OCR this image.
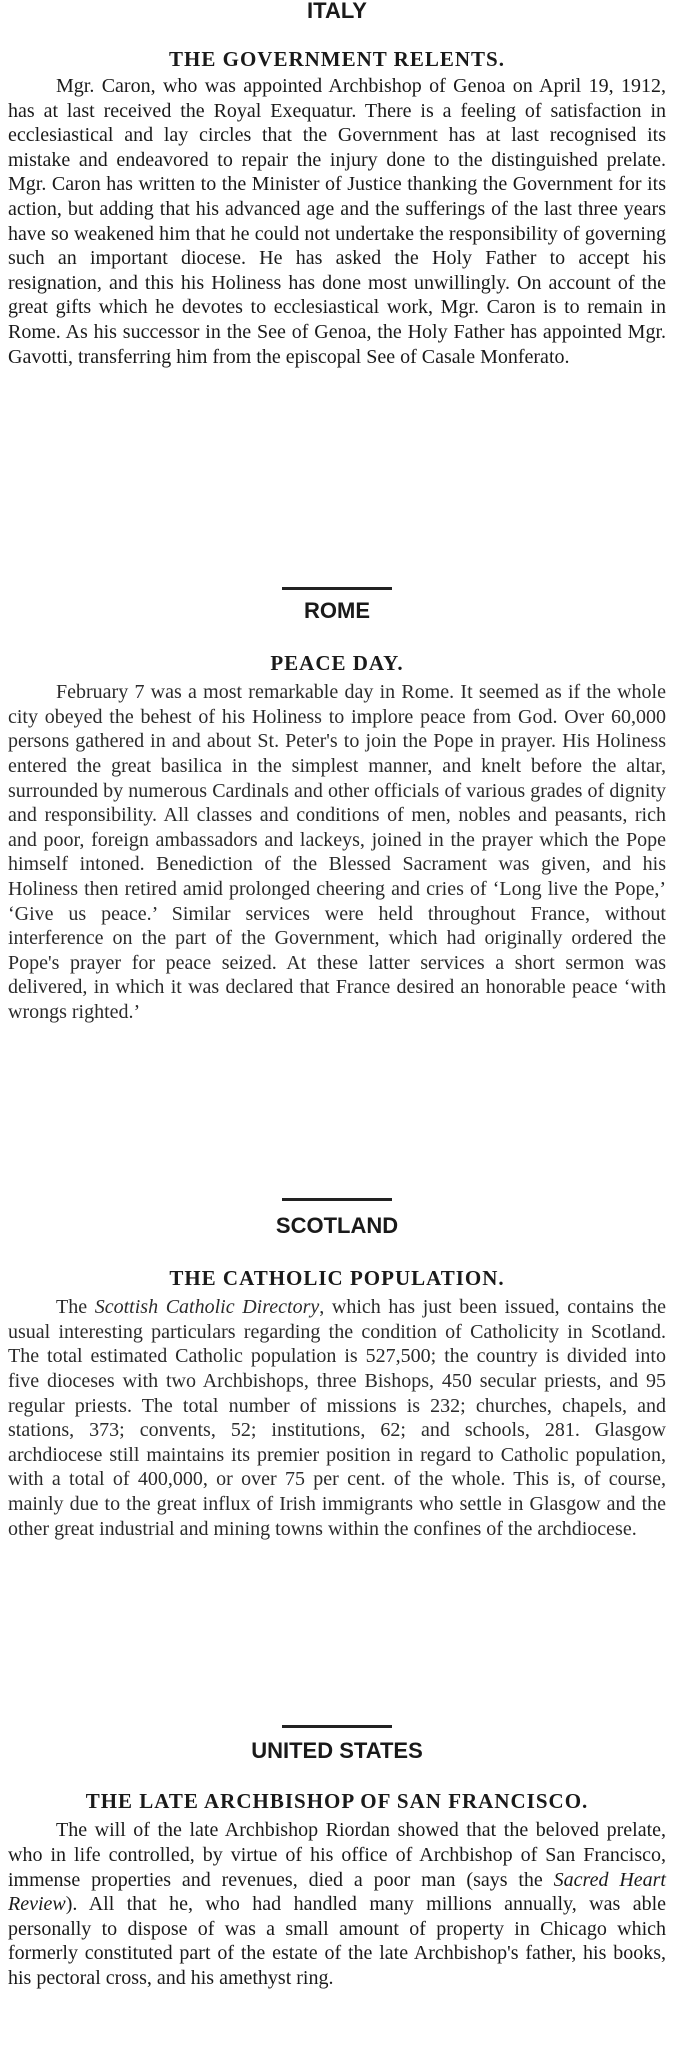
ITALY
THE GOVERNMENT RELENTS.

Mgr. Caron, who was appointed Archbishop of Genoa on April 19, 1912, has at last received the Royal Exequatur. There is a feeling of satisfaction in ecclesiastical and lay circles that the Government has at last recognised its mistake and endeavored to repair the injury done to the distinguished prelate. Mgr. Caron has written to the Minister of Justice thanking the Government for its action, but adding that his advanced age and the sufferings of the last three years have so weakened him that he could not undertake the responsibility of governing such an important diocese. He has asked the Holy Father to accept his resignation, and this his Holiness has done most unwillingly. On account of the great gifts which he devotes to ecclesiastical work, Mgr. Caron is to remain in Rome. As his successor in the See of Genoa, the Holy Father has appointed Mgr. Gavotti, transferring him from the episcopal See of Casale Monferato.

ROME
PEACE DAY.

February 7 was a most remarkable day in Rome. It seemed as if the whole city obeyed the behest of his Holiness to implore peace from God. Over 60,000 persons gathered in and about St. Peter's to join the Pope in prayer. His Holiness entered the great basilica in the simplest manner, and knelt before the altar, surrounded by numerous Cardinals and other officials of various grades of dignity and responsibility. All classes and conditions of men, nobles and peasants, rich and poor, foreign ambassadors and lackeys, joined in the prayer which the Pope himself intoned. Benediction of the Blessed Sacrament was given, and his Holiness then retired amid prolonged cheering and cries of ‘Long live the Pope,’ ‘Give us peace.’ Similar services were held throughout France, without interference on the part of the Government, which had originally ordered the Pope's prayer for peace seized. At these latter services a short sermon was delivered, in which it was declared that France desired an honorable peace ‘with wrongs righted.’

SCOTLAND
THE CATHOLIC POPULATION.

The Scottish Catholic Directory, which has just been issued, contains the usual interesting particulars regarding the condition of Catholicity in Scotland. The total estimated Catholic population is 527,500; the country is divided into five dioceses with two Archbishops, three Bishops, 450 secular priests, and 95 regular priests. The total number of missions is 232; churches, chapels, and stations, 373; convents, 52; institutions, 62; and schools, 281. Glasgow archdiocese still maintains its premier position in regard to Catholic population, with a total of 400,000, or over 75 per cent. of the whole. This is, of course, mainly due to the great influx of Irish immigrants who settle in Glasgow and the other great industrial and mining towns within the confines of the archdiocese.

UNITED STATES
THE LATE ARCHBISHOP OF SAN FRANCISCO.

The will of the late Archbishop Riordan showed that the beloved prelate, who in life controlled, by virtue of his office of Archbishop of San Francisco, immense properties and revenues, died a poor man (says the Sacred Heart Review). All that he, who had handled many millions annually, was able personally to dispose of was a small amount of property in Chicago which formerly constituted part of the estate of the late Archbishop's father, his books, his pectoral cross, and his amethyst ring.
